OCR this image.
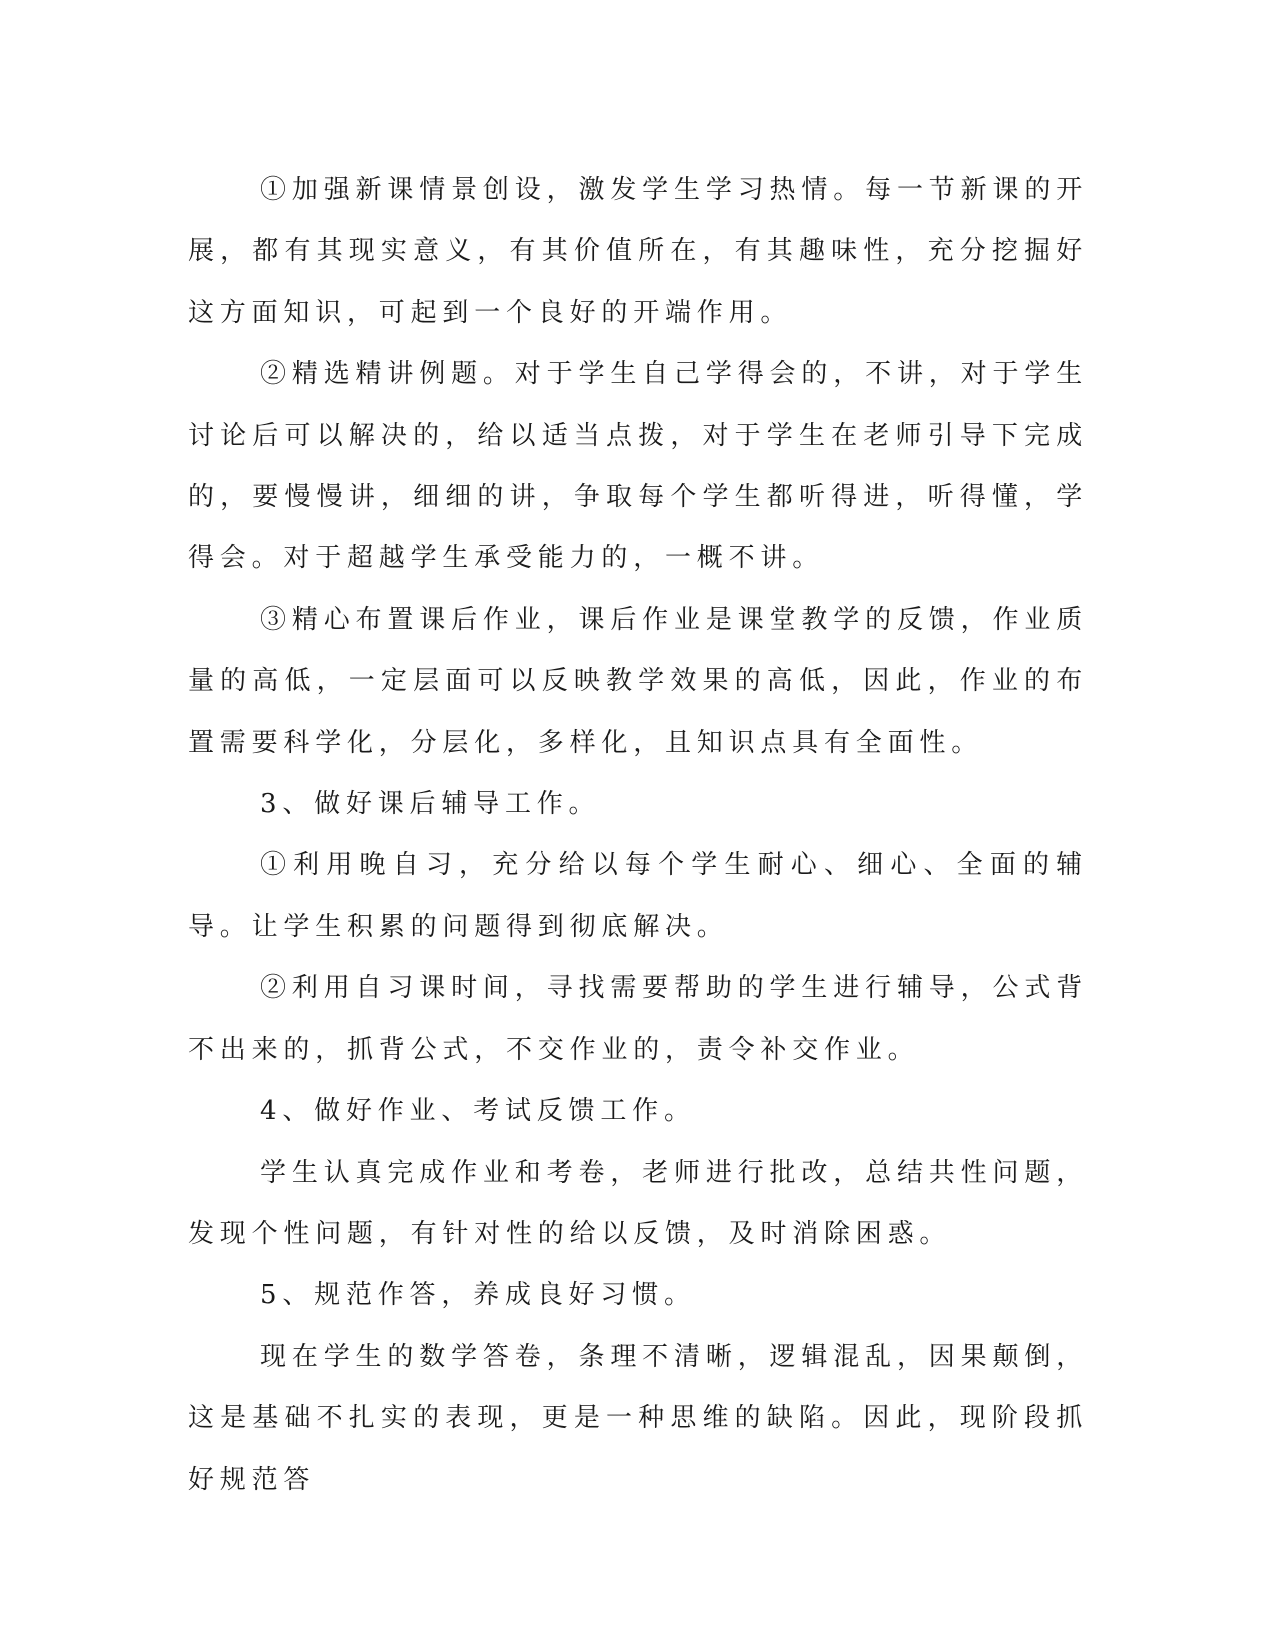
①加强新课情景创设，激发学生学习热情。每一节新课的开展，都有其现实意义，有其价值所在，有其趣味性，充分挖掘好这方面知识，可起到一个良好的开端作用。

②精选精讲例题。对于学生自己学得会的，不讲，对于学生讨论后可以解决的，给以适当点拨，对于学生在老师引导下完成的，要慢慢讲，细细的讲，争取每个学生都听得进，听得懂，学得会。对于超越学生承受能力的，一概不讲。

③精心布置课后作业，课后作业是课堂教学的反馈，作业质量的高低，一定层面可以反映教学效果的高低，因此，作业的布置需要科学化，分层化，多样化，且知识点具有全面性。

3、做好课后辅导工作。

①利用晚自习，充分给以每个学生耐心、细心、全面的辅导。让学生积累的问题得到彻底解决。

②利用自习课时间，寻找需要帮助的学生进行辅导，公式背不出来的，抓背公式，不交作业的，责令补交作业。

4、做好作业、考试反馈工作。

学生认真完成作业和考卷，老师进行批改，总结共性问题，发现个性问题，有针对性的给以反馈，及时消除困惑。

5、规范作答，养成良好习惯。

现在学生的数学答卷，条理不清晰，逻辑混乱，因果颠倒，这是基础不扎实的表现，更是一种思维的缺陷。因此，现阶段抓好规范答
